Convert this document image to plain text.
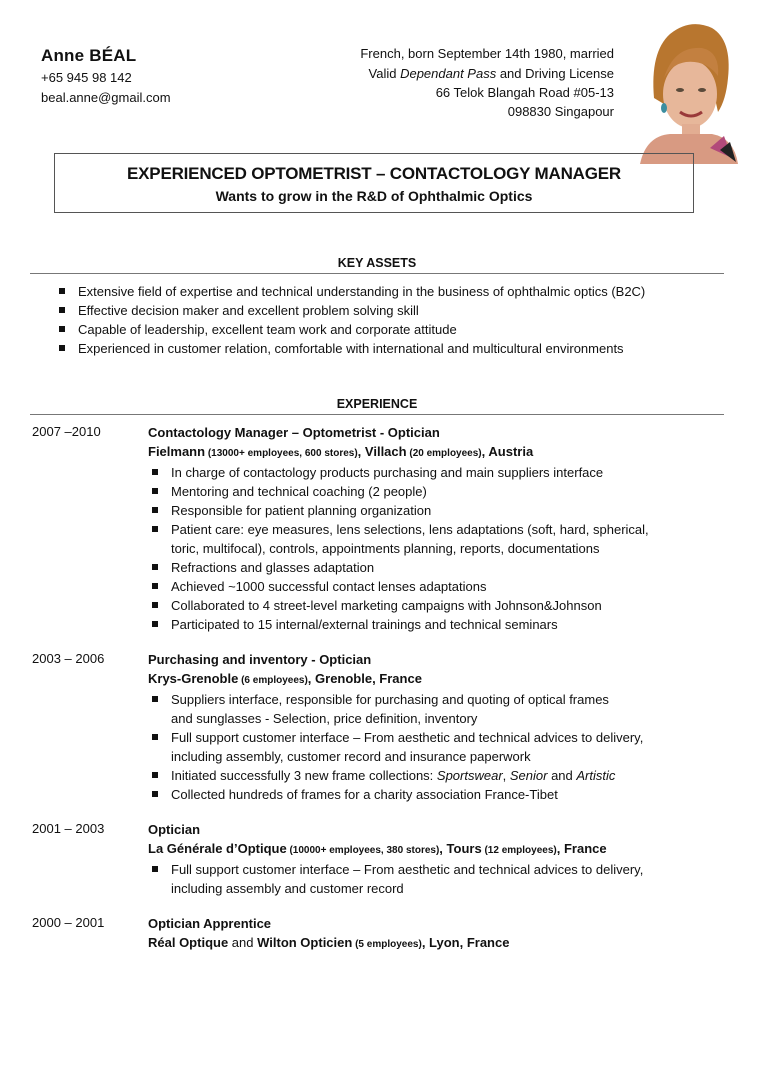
Anne BÉAL
+65 945 98 142
beal.anne@gmail.com
French, born September 14th 1980, married
Valid Dependant Pass and Driving License
66 Telok Blangah Road #05-13
098830 Singapour
EXPERIENCED OPTOMETRIST – CONTACTOLOGY MANAGER
Wants to grow in the R&D of Ophthalmic Optics
KEY ASSETS
Extensive field of expertise and technical understanding in the business of ophthalmic optics (B2C)
Effective decision maker and excellent problem solving skill
Capable of leadership, excellent team work and corporate attitude
Experienced in customer relation, comfortable with international and multicultural environments
EXPERIENCE
2007 –2010	Contactology Manager – Optometrist - Optician
Fielmann (13000+ employees, 600 stores), Villach (20 employees), Austria
In charge of contactology products purchasing and main suppliers interface
Mentoring and technical coaching (2 people)
Responsible for patient planning organization
Patient care: eye measures, lens selections, lens adaptations (soft, hard, spherical,
toric, multifocal), controls, appointments planning, reports, documentations
Refractions and glasses adaptation
Achieved ~1000 successful contact lenses adaptations
Collaborated to 4 street-level marketing campaigns with Johnson&Johnson
Participated to 15 internal/external trainings and technical seminars
2003 – 2006	Purchasing and inventory - Optician
Krys-Grenoble (6 employees), Grenoble, France
Suppliers interface, responsible for purchasing and quoting of optical frames
and sunglasses - Selection, price definition, inventory
Full support customer interface – From aesthetic and technical advices to delivery,
including assembly, customer record and insurance paperwork
Initiated successfully 3 new frame collections: Sportswear, Senior and Artistic
Collected hundreds of frames for a charity association France-Tibet
2001 – 2003	Optician
La Générale d’Optique (10000+ employees, 380 stores), Tours (12 employees), France
Full support customer interface – From aesthetic and technical advices to delivery,
including assembly and customer record
2000 – 2001	Optician Apprentice
Réal Optique and Wilton Opticien (5 employees), Lyon, France
